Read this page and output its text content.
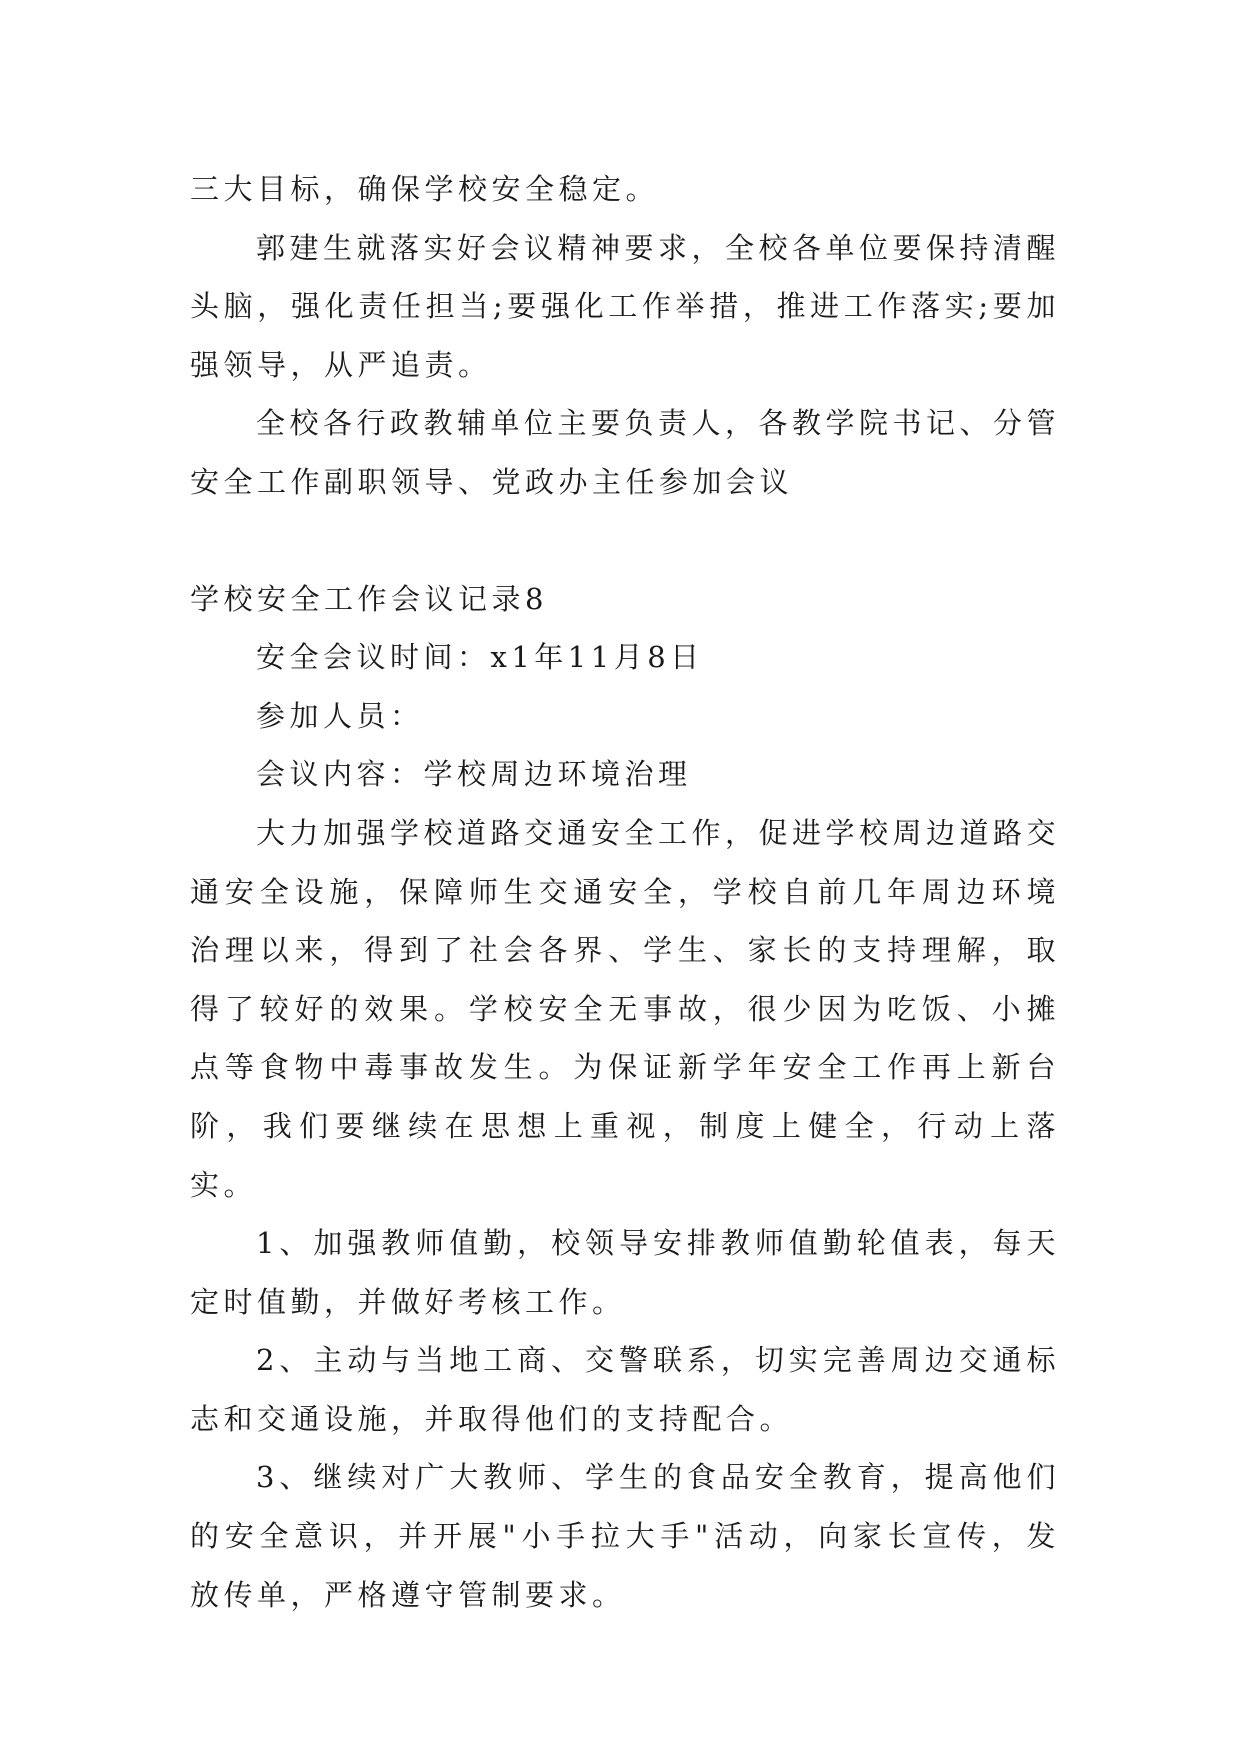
三大目标，确保学校安全稳定。

郭建生就落实好会议精神要求，全校各单位要保持清醒头脑，强化责任担当;要强化工作举措，推进工作落实;要加强领导，从严追责。

全校各行政教辅单位主要负责人，各教学院书记、分管安全工作副职领导、党政办主任参加会议

学校安全工作会议记录8

安全会议时间：x1年11月8日

参加人员：

会议内容：学校周边环境治理

大力加强学校道路交通安全工作，促进学校周边道路交通安全设施，保障师生交通安全，学校自前几年周边环境治理以来，得到了社会各界、学生、家长的支持理解，取得了较好的效果。学校安全无事故，很少因为吃饭、小摊点等食物中毒事故发生。为保证新学年安全工作再上新台阶，我们要继续在思想上重视，制度上健全，行动上落实。

1、加强教师值勤，校领导安排教师值勤轮值表，每天定时值勤，并做好考核工作。

2、主动与当地工商、交警联系，切实完善周边交通标志和交通设施，并取得他们的支持配合。

3、继续对广大教师、学生的食品安全教育，提高他们的安全意识，并开展"小手拉大手"活动，向家长宣传，发放传单，严格遵守管制要求。
